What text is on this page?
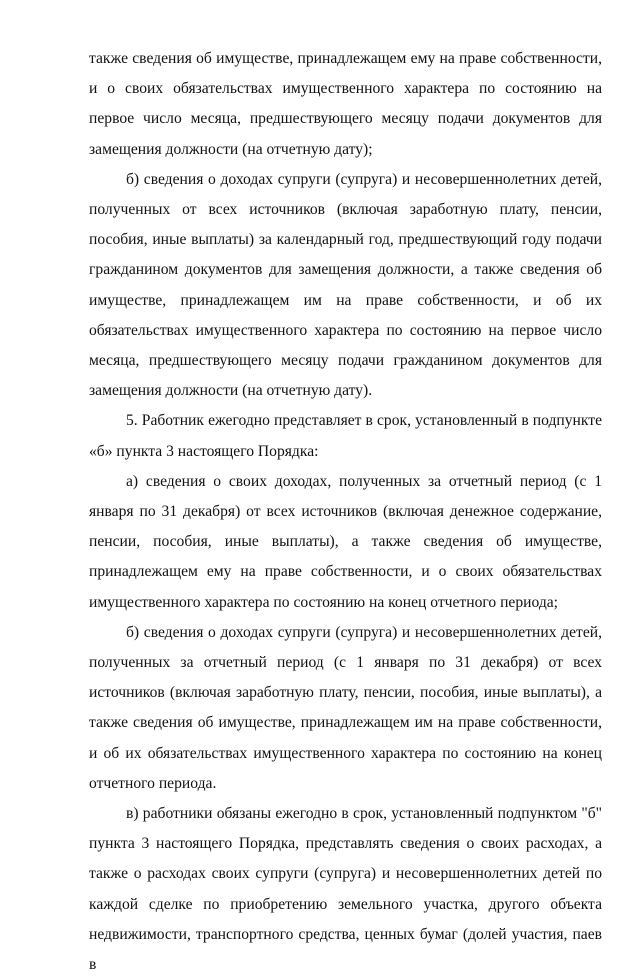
также сведения об имуществе, принадлежащем ему на праве собственности, и о своих обязательствах имущественного характера по состоянию на первое число месяца, предшествующего месяцу подачи документов для замещения должности (на отчетную дату);

б) сведения о доходах супруги (супруга) и несовершеннолетних детей, полученных от всех источников (включая заработную плату, пенсии, пособия, иные выплаты) за календарный год, предшествующий году подачи гражданином документов для замещения должности, а также сведения об имуществе, принадлежащем им на праве собственности, и об их обязательствах имущественного характера по состоянию на первое число месяца, предшествующего месяцу подачи гражданином документов для замещения должности (на отчетную дату).

5. Работник ежегодно представляет в срок, установленный в подпункте «б» пункта 3 настоящего Порядка:

а) сведения о своих доходах, полученных за отчетный период (с 1 января по 31 декабря) от всех источников (включая денежное содержание, пенсии, пособия, иные выплаты), а также сведения об имуществе, принадлежащем ему на праве собственности, и о своих обязательствах имущественного характера по состоянию на конец отчетного периода;

б) сведения о доходах супруги (супруга) и несовершеннолетних детей, полученных за отчетный период (с 1 января по 31 декабря) от всех источников (включая заработную плату, пенсии, пособия, иные выплаты), а также сведения об имуществе, принадлежащем им на праве собственности, и об их обязательствах имущественного характера по состоянию на конец отчетного периода.

в) работники обязаны ежегодно в срок, установленный подпунктом "б" пункта 3 настоящего Порядка, представлять сведения о своих расходах, а также о расходах своих супруги (супруга) и несовершеннолетних детей по каждой сделке по приобретению земельного участка, другого объекта недвижимости, транспортного средства, ценных бумаг (долей участия, паев в
